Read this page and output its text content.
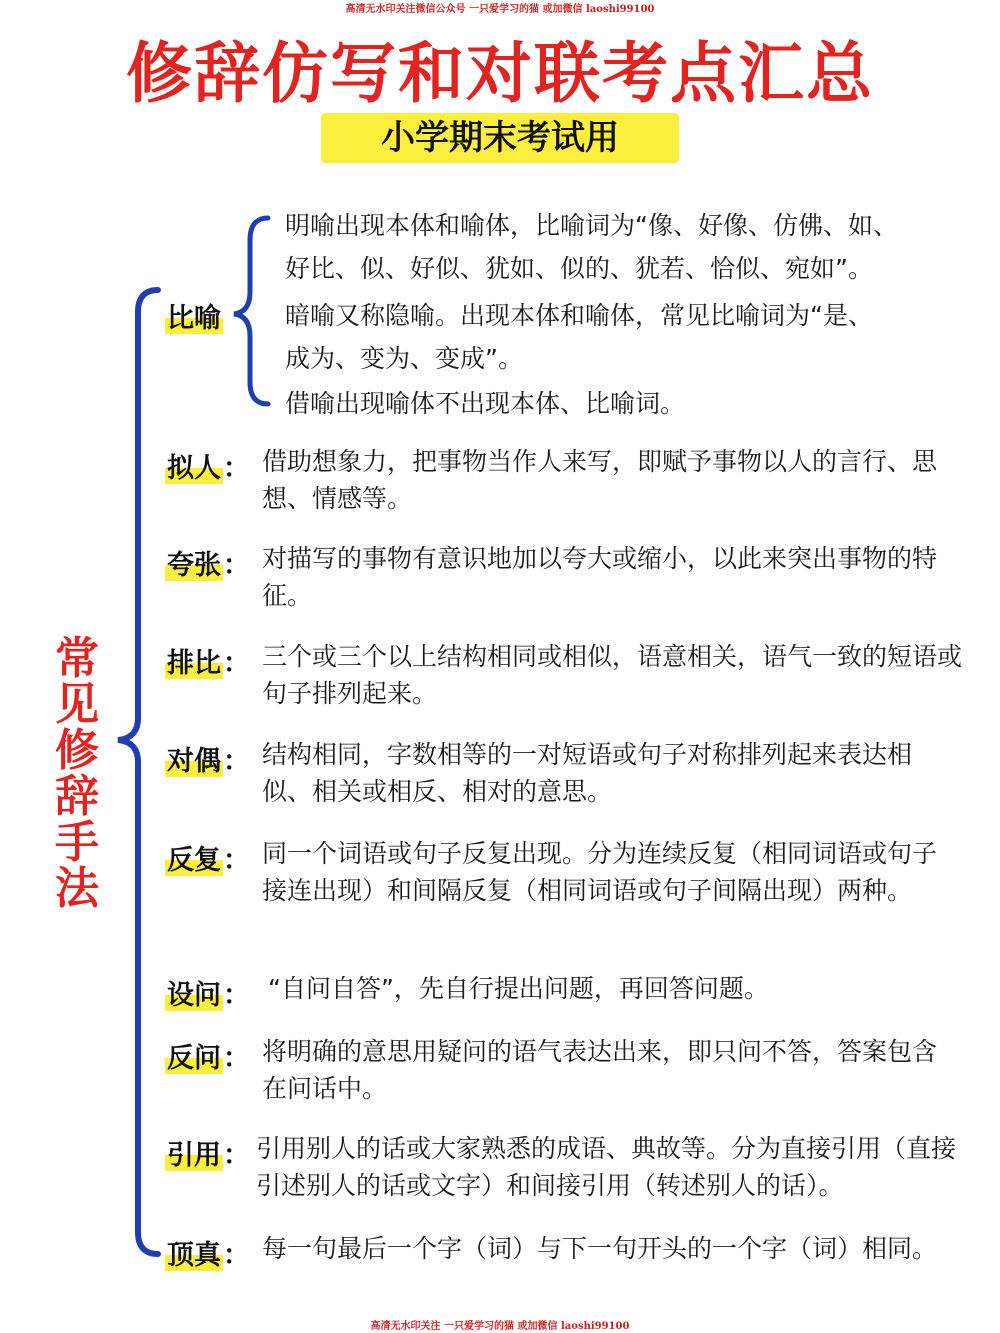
高清无水印关注微信公众号 一只爱学习的猫 或加微信 laoshi99100
修辞仿写和对联考点汇总
小学期末考试用
常
见
修
辞
手
法
比喻
明喻出现本体和喻体，比喻词为“像、好像、仿佛、如、
好比、似、好似、犹如、似的、犹若、恰似、宛如”。
暗喻又称隐喻。出现本体和喻体，常见比喻词为“是、
成为、变为、变成”。
借喻出现喻体不出现本体、比喻词。
拟人： 借助想象力，把事物当作人来写，即赋予事物以人的言行、思想、情感等。
夸张： 对描写的事物有意识地加以夸大或缩小，以此来突出事物的特征。
排比： 三个或三个以上结构相同或相似，语意相关，语气一致的短语或句子排列起来。
对偶： 结构相同，字数相等的一对短语或句子对称排列起来表达相似、相关或相反、相对的意思。
反复： 同一个词语或句子反复出现。分为连续反复（相同词语或句子接连出现）和间隔反复（相同词语或句子间隔出现）两种。
设问： “自问自答”，先自行提出问题，再回答问题。
反问： 将明确的意思用疑问的语气表达出来，即只问不答，答案包含在问话中。
引用： 引用别人的话或大家熟悉的成语、典故等。分为直接引用（直接引述别人的话或文字）和间接引用（转述别人的话）。
顶真： 每一句最后一个字（词）与下一句开头的一个字（词）相同。
高清无水印关注 一只爱学习的猫 或加微信 laoshi99100
